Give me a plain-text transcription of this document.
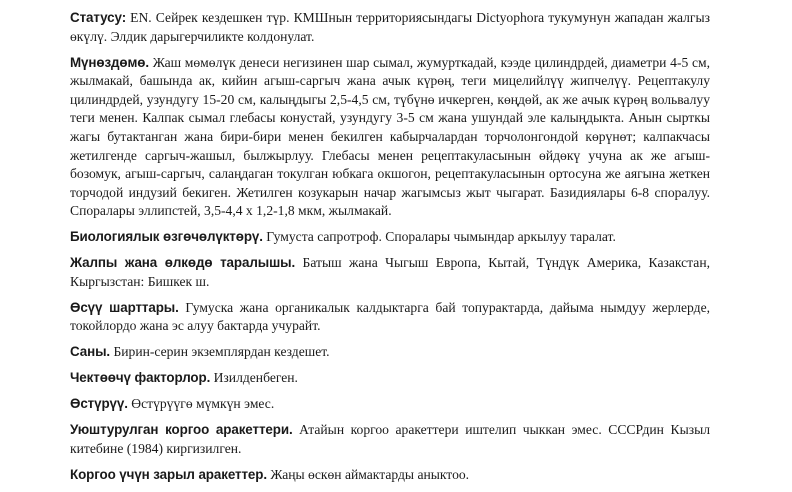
Статусу: EN. Сейрек кездешкен түр. КМШнын территориясындагы Dictyophora тукумунун жападан жалгыз өкүлү. Элдик дарыгерчиликте колдонулат.

Мүнөздөмө. Жаш мөмөлүк денеси негизинен шар сымал, жумурткадай, кээде цилиндрдей, диаметри 4-5 см, жылмакай, башында ак, кийин агыш-саргыч жана ачык күрөң, теги мицелийлүү жипчелүү. Рецептакулу цилиндрдей, узундугу 15-20 см, калыңдыгы 2,5-4,5 см, түбүнө ичкерген, көңдөй, ак же ачык күрөң вольвалуу теги менен. Калпак сымал глебасы конустай, узундугу 3-5 см жана ушундай эле калыңдыкта. Анын сырткы жагы бутактанган жана бири-бири менен бекилген кабырчалардан торчолонгондой көрүнөт; калпакчасы жетилгенде саргыч-жашыл, былжырлуу. Глебасы менен рецептакуласынын өйдөкү учуна ак же агыш-бозомук, агыш-саргыч, салаңдаган токулган юбкага окшогон, рецептакуласынын ортосуна же аягына жеткен торчодой индузий бекиген. Жетилген козукарын начар жагымсыз жыт чыгарат. Базидиялары 6-8 споралуу. Споралары эллипстей, 3,5-4,4 х 1,2-1,8 мкм, жылмакай.

Биологиялык өзгөчөлүктөрү. Гумуста сапротроф. Споралары чымындар аркылуу таралат.

Жалпы жана өлкөдө таралышы. Батыш жана Чыгыш Европа, Кытай, Түндүк Америка, Казакстан, Кыргызстан: Бишкек ш.

Өсүү шарттары. Гумуска жана органикалык калдыктарга бай топурактарда, дайыма нымдуу жерлерде, токойлордо жана эс алуу бактарда учурайт.

Саны. Бирин-серин экземплярдан кездешет.

Чектөөчү факторлор. Изилденбеген.

Өстүрүү. Өстүрүүгө мүмкүн эмес.

Уюштурулган коргоо аракеттери. Атайын коргоо аракеттери иштелип чыккан эмес. СССРдин Кызыл китебине (1984) киргизилген.

Коргоо үчүн зарыл аракеттер. Жаңы өскөн аймактарды аныктоо.
